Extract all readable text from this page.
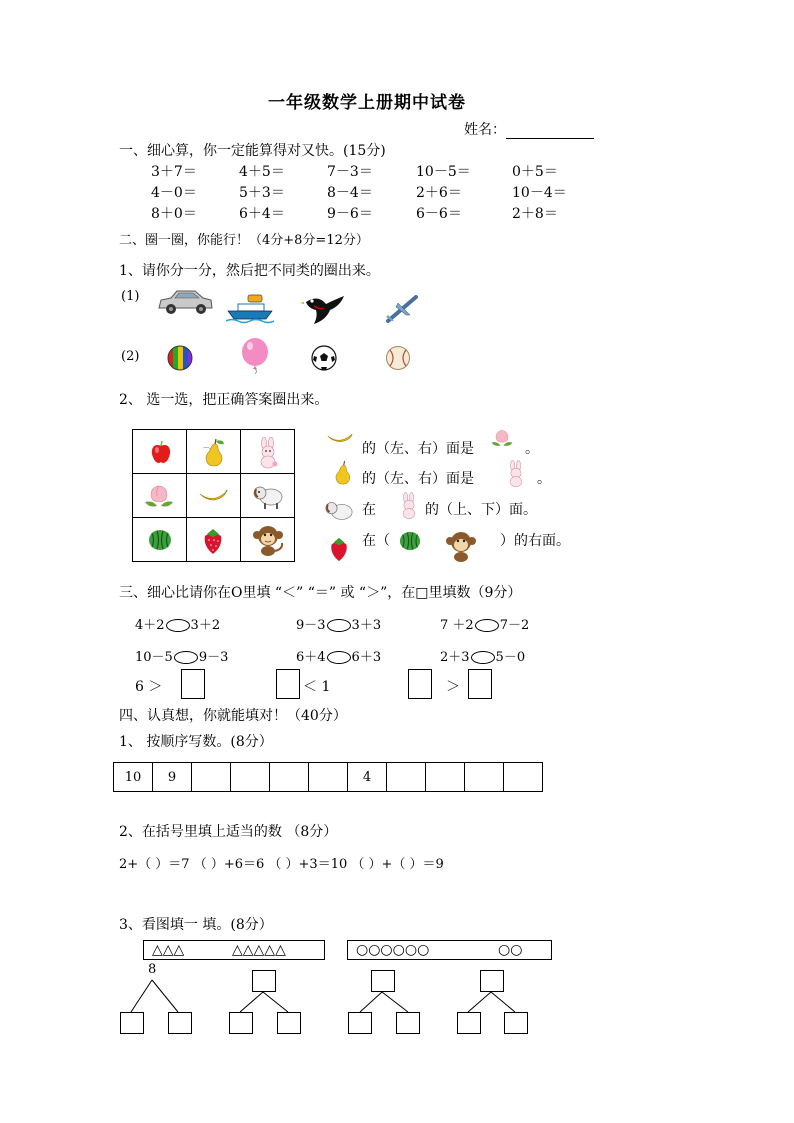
一年级数学上册期中试卷
姓名：
一、细心算，你一定能算得对又快。(15分)
3＋7＝	4＋5＝	7－3＝	10－5＝	0＋5＝
4－0＝	5＋3＝	8－4＝	2＋6＝	10－4＝
8＋0＝	6＋4＝	9－6＝	6－6＝	2＋8＝
二、圈一圈，你能行！（4分+8分=12分）
1、请你分一分，然后把不同类的圈出来。
(1)
(2)
2、 选一选，把正确答案圈出来。

的（左、右）面是	。
的（左、右）面是	。
在	的（上、下）面。
在（	）的右面。
三、细心比请你在O里填 “＜” “＝” 或 “＞”，在□里填数（9分）
4＋2 3＋2	9－3 3＋3	7 ＋2 7－2
10－5 9－3	6＋4 6＋3	2＋3 5－0
6 ＞	＜ 1	＞
四、认真想，你就能填对！（40分）
1、 按顺序写数。(8分）
10	9					4				
2、在括号里填上适当的数 （8分）
2+（ ）＝7 （ ）+6＝6 （ ）+3＝10 （ ）+（ ）＝9
3、看图填一 填。(8分）
△△△	△△△△△	○○○○○○	○○
8
